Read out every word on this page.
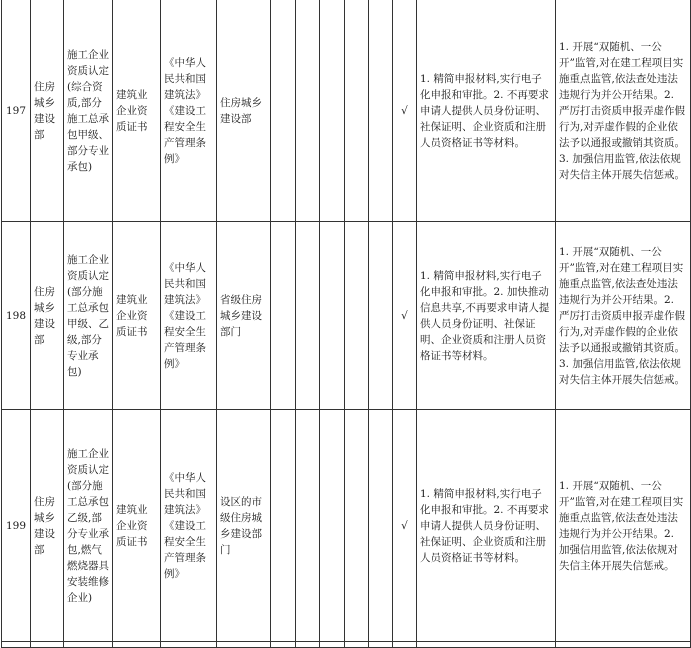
197	住房城乡建设部	施工企业资质认定(综合资质,部分施工总承包甲级、部分专业承包)	建筑业企业资质证书	《中华人民共和国建筑法》《建设工程安全生产管理条例》	住房城乡建设部						√	1. 精简申报材料,实行电子化申报和审批。2. 不再要求申请人提供人员身份证明、社保证明、企业资质和注册人员资格证书等材料。	1. 开展“双随机、一公开”监管,对在建工程项目实施重点监管,依法查处违法违规行为并公开结果。2. 严厉打击资质申报弄虚作假行为,对弄虚作假的企业依法予以通报或撤销其资质。3. 加强信用监管,依法依规对失信主体开展失信惩戒。
198	住房城乡建设部	施工企业资质认定(部分施工总承包甲级、乙级,部分专业承包)	建筑业企业资质证书	《中华人民共和国建筑法》《建设工程安全生产管理条例》	省级住房城乡建设部门						√	1. 精简申报材料,实行电子化申报和审批。2. 加快推动信息共享,不再要求申请人提供人员身份证明、社保证明、企业资质和注册人员资格证书等材料。	1. 开展“双随机、一公开”监管,对在建工程项目实施重点监管,依法查处违法违规行为并公开结果。2. 严厉打击资质申报弄虚作假行为,对弄虚作假的企业依法予以通报或撤销其资质。3. 加强信用监管,依法依规对失信主体开展失信惩戒。
199	住房城乡建设部	施工企业资质认定(部分施工总承包乙级,部分专业承包,燃气燃烧器具安装维修企业)	建筑业企业资质证书	《中华人民共和国建筑法》《建设工程安全生产管理条例》	设区的市级住房城乡建设部门						√	1. 精简申报材料,实行电子化申报和审批。2. 不再要求申请人提供人员身份证明、社保证明、企业资质和注册人员资格证书等材料。	1. 开展“双随机、一公开”监管,对在建工程项目实施重点监管,依法查处违法违规行为并公开结果。2. 加强信用监管,依法依规对失信主体开展失信惩戒。
